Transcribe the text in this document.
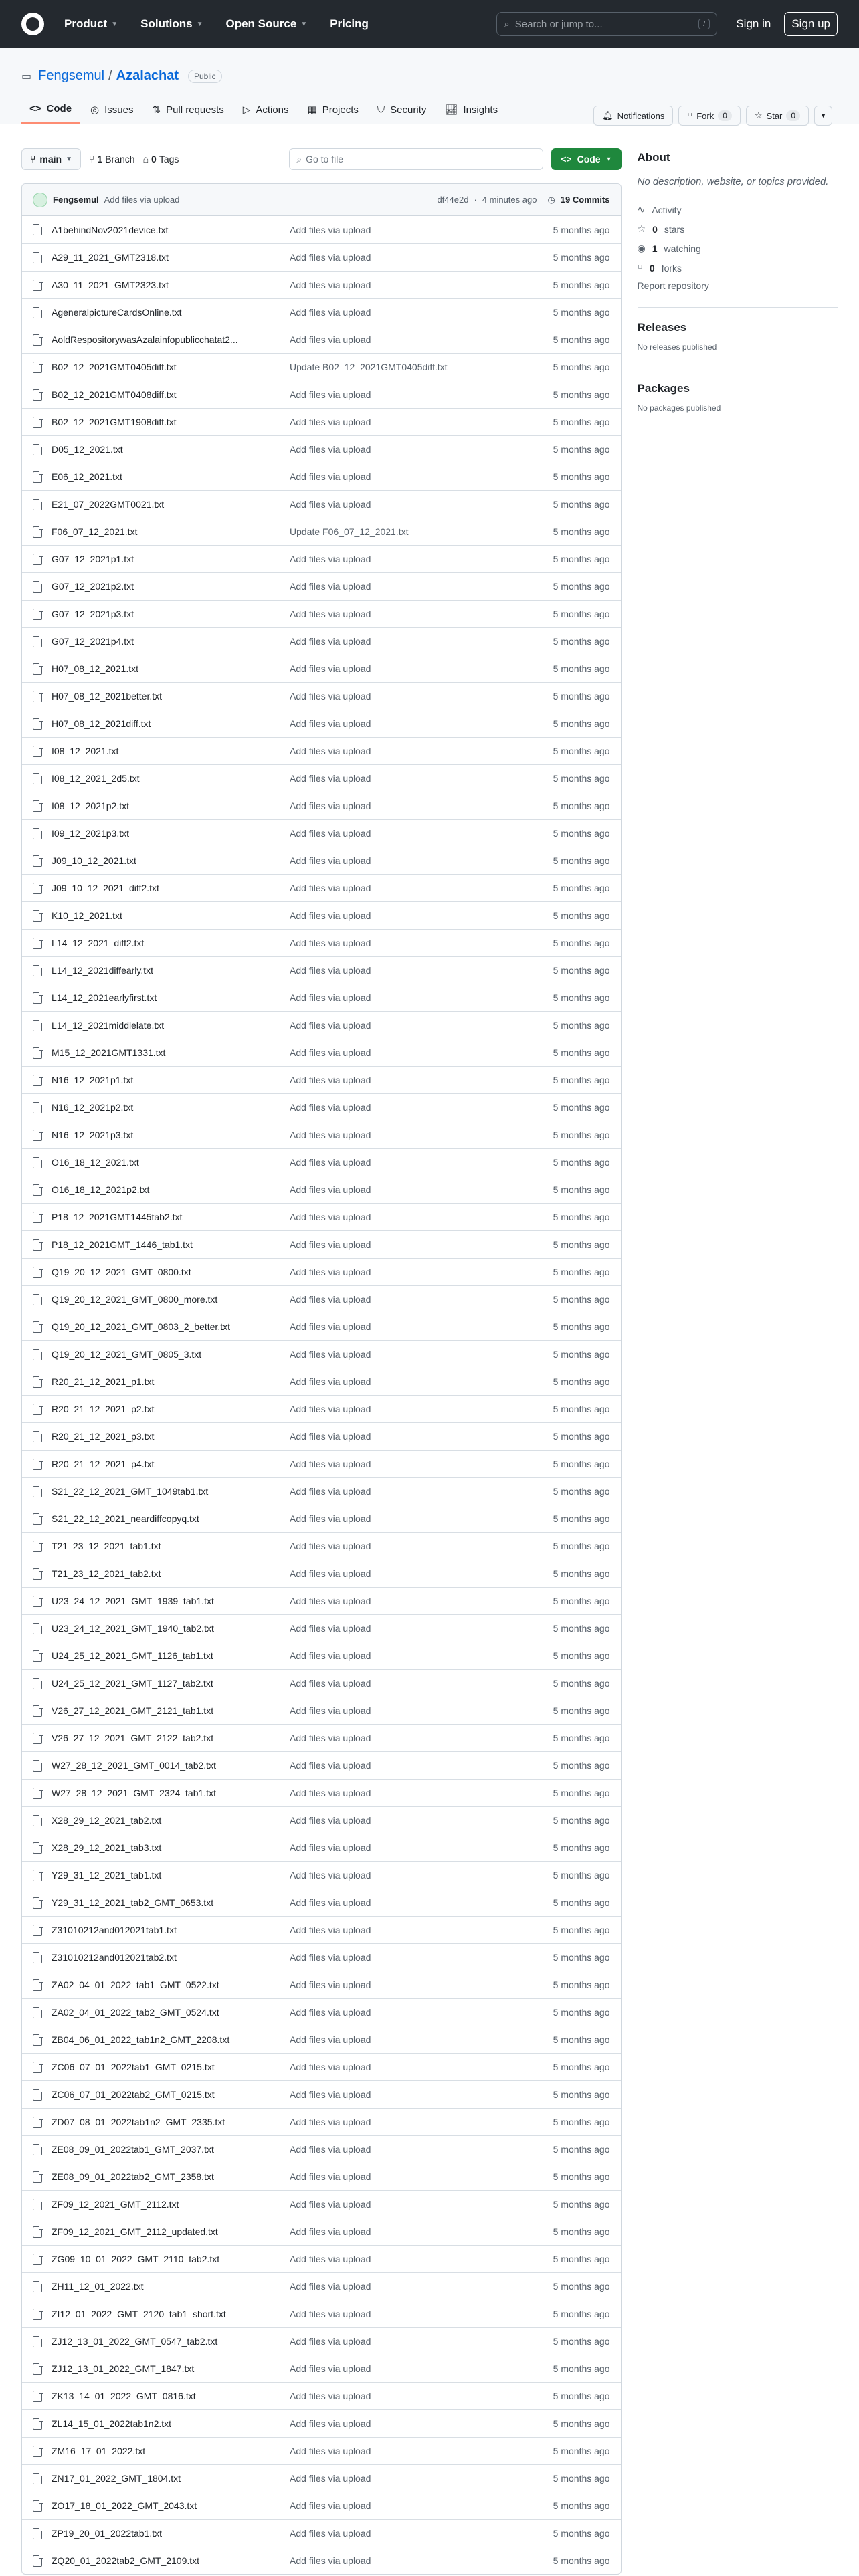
Product ▼ Solutions ▼ Open Source ▼ Pricing	⌕ Search or jump to...	/	Sign in	Sign up
▭ Fengsemul / Azalachat	Public
🔔︎ Notifications	⑂ Fork	0	☆ Star	0	▼
<> Code ◎ Issues ⇅ Pull requests ▷ Actions ▦ Projects ⛉ Security 📈︎ Insights
⑂ main ▼ ⑂ 1 Branch ⌂ 0 Tags	⌕ Go to file	<> Code ▼
Fengsemul Add files via upload	df44e2d · 4 minutes ago ◷ 19 Commits
A1behindNov2021device.txt	Add files via upload	5 months ago
A29_11_2021_GMT2318.txt	Add files via upload	5 months ago
A30_11_2021_GMT2323.txt	Add files via upload	5 months ago
AgeneralpictureCardsOnline.txt	Add files via upload	5 months ago
AoldRespositorywasAzalainfopublicchatat2...	Add files via upload	5 months ago
B02_12_2021GMT0405diff.txt	Update B02_12_2021GMT0405diff.txt	5 months ago
B02_12_2021GMT0408diff.txt	Add files via upload	5 months ago
B02_12_2021GMT1908diff.txt	Add files via upload	5 months ago
D05_12_2021.txt	Add files via upload	5 months ago
E06_12_2021.txt	Add files via upload	5 months ago
E21_07_2022GMT0021.txt	Add files via upload	5 months ago
F06_07_12_2021.txt	Update F06_07_12_2021.txt	5 months ago
G07_12_2021p1.txt	Add files via upload	5 months ago
G07_12_2021p2.txt	Add files via upload	5 months ago
G07_12_2021p3.txt	Add files via upload	5 months ago
G07_12_2021p4.txt	Add files via upload	5 months ago
H07_08_12_2021.txt	Add files via upload	5 months ago
H07_08_12_2021better.txt	Add files via upload	5 months ago
H07_08_12_2021diff.txt	Add files via upload	5 months ago
I08_12_2021.txt	Add files via upload	5 months ago
I08_12_2021_2d5.txt	Add files via upload	5 months ago
I08_12_2021p2.txt	Add files via upload	5 months ago
I09_12_2021p3.txt	Add files via upload	5 months ago
J09_10_12_2021.txt	Add files via upload	5 months ago
J09_10_12_2021_diff2.txt	Add files via upload	5 months ago
K10_12_2021.txt	Add files via upload	5 months ago
L14_12_2021_diff2.txt	Add files via upload	5 months ago
L14_12_2021diffearly.txt	Add files via upload	5 months ago
L14_12_2021earlyfirst.txt	Add files via upload	5 months ago
L14_12_2021middlelate.txt	Add files via upload	5 months ago
M15_12_2021GMT1331.txt	Add files via upload	5 months ago
N16_12_2021p1.txt	Add files via upload	5 months ago
N16_12_2021p2.txt	Add files via upload	5 months ago
N16_12_2021p3.txt	Add files via upload	5 months ago
O16_18_12_2021.txt	Add files via upload	5 months ago
O16_18_12_2021p2.txt	Add files via upload	5 months ago
P18_12_2021GMT1445tab2.txt	Add files via upload	5 months ago
P18_12_2021GMT_1446_tab1.txt	Add files via upload	5 months ago
Q19_20_12_2021_GMT_0800.txt	Add files via upload	5 months ago
Q19_20_12_2021_GMT_0800_more.txt	Add files via upload	5 months ago
Q19_20_12_2021_GMT_0803_2_better.txt	Add files via upload	5 months ago
Q19_20_12_2021_GMT_0805_3.txt	Add files via upload	5 months ago
R20_21_12_2021_p1.txt	Add files via upload	5 months ago
R20_21_12_2021_p2.txt	Add files via upload	5 months ago
R20_21_12_2021_p3.txt	Add files via upload	5 months ago
R20_21_12_2021_p4.txt	Add files via upload	5 months ago
S21_22_12_2021_GMT_1049tab1.txt	Add files via upload	5 months ago
S21_22_12_2021_neardiffcopyq.txt	Add files via upload	5 months ago
T21_23_12_2021_tab1.txt	Add files via upload	5 months ago
T21_23_12_2021_tab2.txt	Add files via upload	5 months ago
U23_24_12_2021_GMT_1939_tab1.txt	Add files via upload	5 months ago
U23_24_12_2021_GMT_1940_tab2.txt	Add files via upload	5 months ago
U24_25_12_2021_GMT_1126_tab1.txt	Add files via upload	5 months ago
U24_25_12_2021_GMT_1127_tab2.txt	Add files via upload	5 months ago
V26_27_12_2021_GMT_2121_tab1.txt	Add files via upload	5 months ago
V26_27_12_2021_GMT_2122_tab2.txt	Add files via upload	5 months ago
W27_28_12_2021_GMT_0014_tab2.txt	Add files via upload	5 months ago
W27_28_12_2021_GMT_2324_tab1.txt	Add files via upload	5 months ago
X28_29_12_2021_tab2.txt	Add files via upload	5 months ago
X28_29_12_2021_tab3.txt	Add files via upload	5 months ago
Y29_31_12_2021_tab1.txt	Add files via upload	5 months ago
Y29_31_12_2021_tab2_GMT_0653.txt	Add files via upload	5 months ago
Z31010212and012021tab1.txt	Add files via upload	5 months ago
Z31010212and012021tab2.txt	Add files via upload	5 months ago
ZA02_04_01_2022_tab1_GMT_0522.txt	Add files via upload	5 months ago
ZA02_04_01_2022_tab2_GMT_0524.txt	Add files via upload	5 months ago
ZB04_06_01_2022_tab1n2_GMT_2208.txt	Add files via upload	5 months ago
ZC06_07_01_2022tab1_GMT_0215.txt	Add files via upload	5 months ago
ZC06_07_01_2022tab2_GMT_0215.txt	Add files via upload	5 months ago
ZD07_08_01_2022tab1n2_GMT_2335.txt	Add files via upload	5 months ago
ZE08_09_01_2022tab1_GMT_2037.txt	Add files via upload	5 months ago
ZE08_09_01_2022tab2_GMT_2358.txt	Add files via upload	5 months ago
ZF09_12_2021_GMT_2112.txt	Add files via upload	5 months ago
ZF09_12_2021_GMT_2112_updated.txt	Add files via upload	5 months ago
ZG09_10_01_2022_GMT_2110_tab2.txt	Add files via upload	5 months ago
ZH11_12_01_2022.txt	Add files via upload	5 months ago
ZI12_01_2022_GMT_2120_tab1_short.txt	Add files via upload	5 months ago
ZJ12_13_01_2022_GMT_0547_tab2.txt	Add files via upload	5 months ago
ZJ12_13_01_2022_GMT_1847.txt	Add files via upload	5 months ago
ZK13_14_01_2022_GMT_0816.txt	Add files via upload	5 months ago
ZL14_15_01_2022tab1n2.txt	Add files via upload	5 months ago
ZM16_17_01_2022.txt	Add files via upload	5 months ago
ZN17_01_2022_GMT_1804.txt	Add files via upload	5 months ago
ZO17_18_01_2022_GMT_2043.txt	Add files via upload	5 months ago
ZP19_20_01_2022tab1.txt	Add files via upload	5 months ago
ZQ20_01_2022tab2_GMT_2109.txt	Add files via upload	5 months ago
About
No description, website, or topics provided.
∿ Activity
☆ 0 stars
◉ 1 watching
⑂ 0 forks
Report repository
Releases
No releases published
Packages
No packages published
